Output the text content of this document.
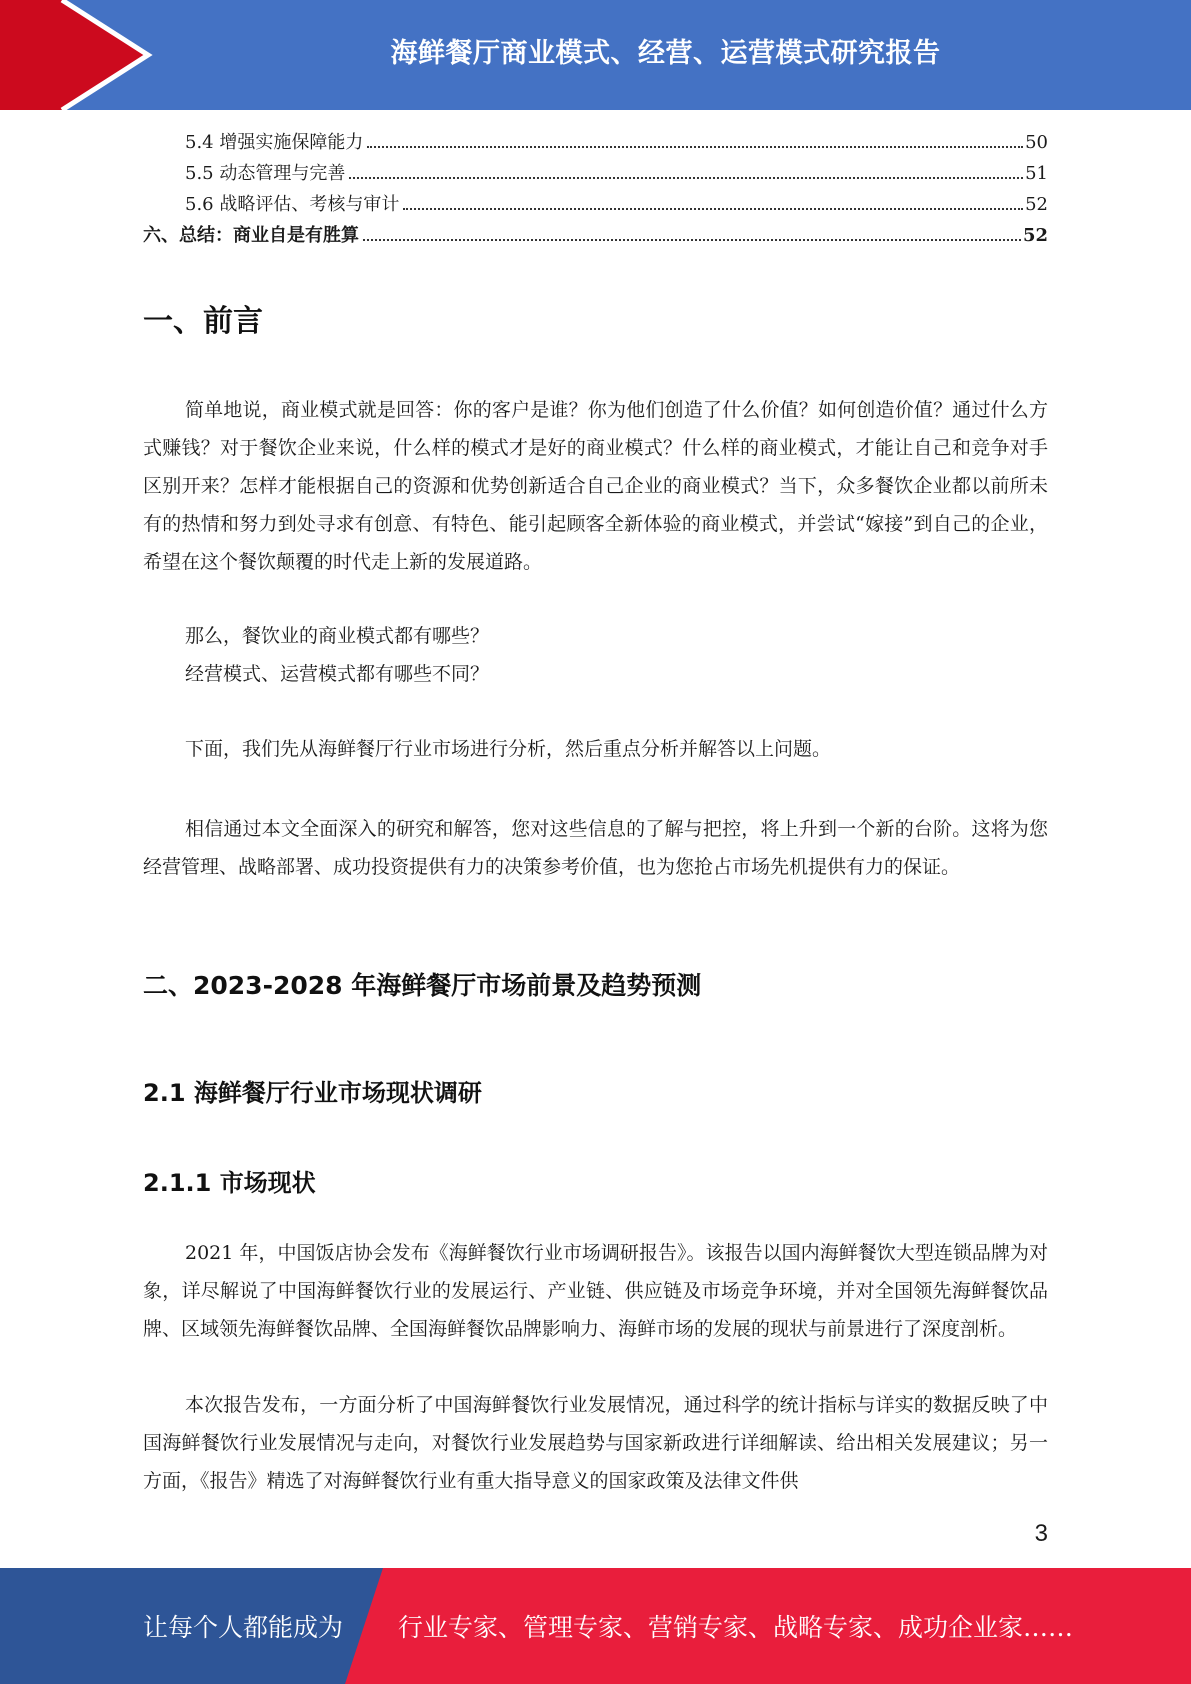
海鲜餐厅商业模式、经营、运营模式研究报告
5.4 增强实施保障能力	50
5.5 动态管理与完善	51
5.6 战略评估、考核与审计	52
六、总结：商业自是有胜算	52
一、前言

简单地说，商业模式就是回答：你的客户是谁？你为他们创造了什么价值？如何创造价值？通过什么方式赚钱？对于餐饮企业来说，什么样的模式才是好的商业模式？什么样的商业模式，才能让自己和竞争对手区别开来？怎样才能根据自己的资源和优势创新适合自己企业的商业模式？当下，众多餐饮企业都以前所未有的热情和努力到处寻求有创意、有特色、能引起顾客全新体验的商业模式，并尝试“嫁接”到自己的企业，希望在这个餐饮颠覆的时代走上新的发展道路。

那么，餐饮业的商业模式都有哪些？
经营模式、运营模式都有哪些不同？

下面，我们先从海鲜餐厅行业市场进行分析，然后重点分析并解答以上问题。

相信通过本文全面深入的研究和解答，您对这些信息的了解与把控，将上升到一个新的台阶。这将为您经营管理、战略部署、成功投资提供有力的决策参考价值，也为您抢占市场先机提供有力的保证。

二、2023-2028 年海鲜餐厅市场前景及趋势预测
2.1 海鲜餐厅行业市场现状调研
2.1.1 市场现状

2021 年，中国饭店协会发布《海鲜餐饮行业市场调研报告》。该报告以国内海鲜餐饮大型连锁品牌为对象，详尽解说了中国海鲜餐饮行业的发展运行、产业链、供应链及市场竞争环境，并对全国领先海鲜餐饮品牌、区域领先海鲜餐饮品牌、全国海鲜餐饮品牌影响力、海鲜市场的发展的现状与前景进行了深度剖析。

本次报告发布，一方面分析了中国海鲜餐饮行业发展情况，通过科学的统计指标与详实的数据反映了中国海鲜餐饮行业发展情况与走向，对餐饮行业发展趋势与国家新政进行详细解读、给出相关发展建议；另一方面，《报告》精选了对海鲜餐饮行业有重大指导意义的国家政策及法律文件供

3
让每个人都能成为 行业专家、管理专家、营销专家、战略专家、成功企业家……
